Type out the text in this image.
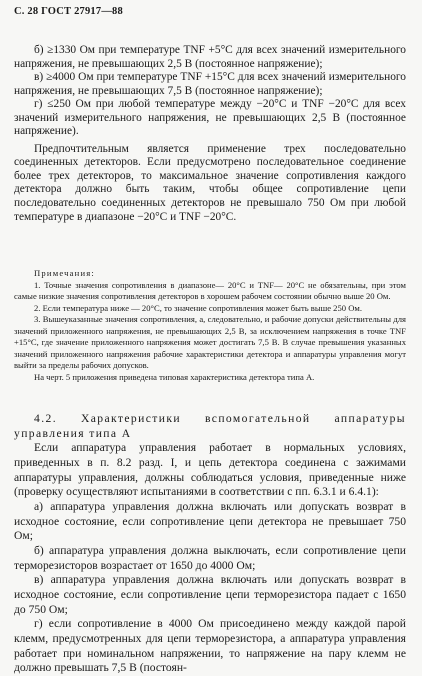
С. 28 ГОСТ 27917—88

б) ≥1330 Ом при температуре TNF +5°С для всех значений измерительного напряжения, не превышающих 2,5 В (постоянное напряжение);

в) ≥4000 Ом при температуре TNF +15°С для всех значений измерительного напряжения, не превышающих 7,5 В (постоянное напряжение);

г) ≤250 Ом при любой температуре между −20°С и TNF −20°С для всех значений измерительного напряжения, не превышающих 2,5 В (постоянное напряжение).

Предпочтительным является применение трех последовательно соединенных детекторов. Если предусмотрено последовательное соединение более трех детекторов, то максимальное значение сопротивления каждого детектора должно быть таким, чтобы общее сопротивление цепи последовательно соединенных детекторов не превышало 750 Ом при любой температуре в диапазоне −20°С и TNF −20°С.

Примечания:

1. Точные значения сопротивления в диапазоне— 20°С и TNF— 20°С не обязательны, при этом самые низкие значения сопротивления детекторов в хорошем рабочем состоянии обычно выше 20 Ом.

2. Если температура ниже — 20°С, то значение сопротивления может быть выше 250 Ом.

3. Вышеуказанные значения сопротивления, а, следовательно, и рабочие допуски действительны для значений приложенного напряжения, не превышающих 2,5 В, за исключением напряжения в точке TNF +15°С, где значение приложенного напряжения может достигать 7,5 В. В случае превышения указанных значений приложенного напряжения рабочие характеристики детектора и аппаратуры управления могут выйти за пределы рабочих допусков.

На черт. 5 приложения приведена типовая характеристика детектора типа А.

4.2. Характеристики вспомогательной аппаратуры управления типа А

Если аппаратура управления работает в нормальных условиях, приведенных в п. 8.2 разд. I, и цепь детектора соединена с зажимами аппаратуры управления, должны соблюдаться условия, приведенные ниже (проверку осуществляют испытаниями в соответствии с пп. 6.3.1 и 6.4.1):

а) аппаратура управления должна включать или допускать возврат в исходное состояние, если сопротивление цепи детектора не превышает 750 Ом;

б) аппаратура управления должна выключать, если сопротивление цепи терморезисторов возрастает от 1650 до 4000 Ом;

в) аппаратура управления должна включать или допускать возврат в исходное состояние, если сопротивление цепи терморезистора падает с 1650 до 750 Ом;

г) если сопротивление в 4000 Ом присоединено между каждой парой клемм, предусмотренных для цепи терморезистора, а аппаратура управления работает при номинальном напряжении, то напряжение на пару клемм не должно превышать 7,5 В (постоян-
